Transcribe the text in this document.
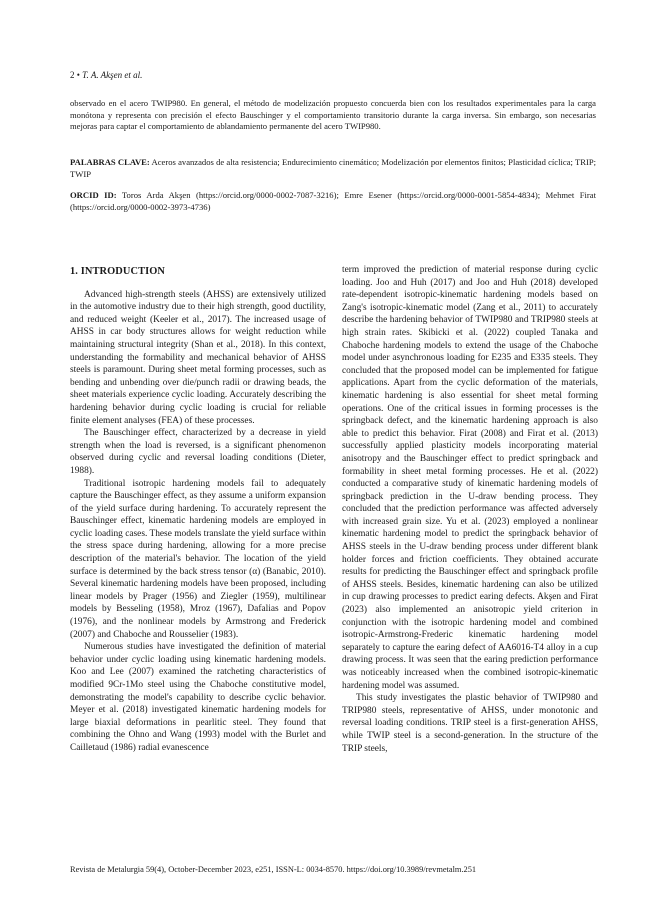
2 • T. A. Akşen et al.

observado en el acero TWIP980. En general, el método de modelización propuesto concuerda bien con los resultados experimentales para la carga monótona y representa con precisión el efecto Bauschinger y el comportamiento transitorio durante la carga inversa. Sin embargo, son necesarias mejoras para captar el comportamiento de ablandamiento permanente del acero TWIP980.

PALABRAS CLAVE: Aceros avanzados de alta resistencia; Endurecimiento cinemático; Modelización por elementos finitos; Plasticidad cíclica; TRIP; TWIP

ORCID ID: Toros Arda Akşen (https://orcid.org/0000-0002-7087-3216); Emre Esener (https://orcid.org/0000-0001-5854-4834); Mehmet Firat (https://orcid.org/0000-0002-3973-4736)

1. INTRODUCTION

Advanced high-strength steels (AHSS) are extensively utilized in the automotive industry due to their high strength, good ductility, and reduced weight (Keeler et al., 2017). The increased usage of AHSS in car body structures allows for weight reduction while maintaining structural integrity (Shan et al., 2018). In this context, understanding the formability and mechanical behavior of AHSS steels is paramount. During sheet metal forming processes, such as bending and unbending over die/punch radii or drawing beads, the sheet materials experience cyclic loading. Accurately describing the hardening behavior during cyclic loading is crucial for reliable finite element analyses (FEA) of these processes.

The Bauschinger effect, characterized by a decrease in yield strength when the load is reversed, is a significant phenomenon observed during cyclic and reversal loading conditions (Dieter, 1988).

Traditional isotropic hardening models fail to adequately capture the Bauschinger effect, as they assume a uniform expansion of the yield surface during hardening. To accurately represent the Bauschinger effect, kinematic hardening models are employed in cyclic loading cases. These models translate the yield surface within the stress space during hardening, allowing for a more precise description of the material's behavior. The location of the yield surface is determined by the back stress tensor (α) (Banabic, 2010). Several kinematic hardening models have been proposed, including linear models by Prager (1956) and Ziegler (1959), multilinear models by Besseling (1958), Mroz (1967), Dafalias and Popov (1976), and the nonlinear models by Armstrong and Frederick (2007) and Chaboche and Rousselier (1983).

Numerous studies have investigated the definition of material behavior under cyclic loading using kinematic hardening models. Koo and Lee (2007) examined the ratcheting characteristics of modified 9Cr-1Mo steel using the Chaboche constitutive model, demonstrating the model's capability to describe cyclic behavior. Meyer et al. (2018) investigated kinematic hardening models for large biaxial deformations in pearlitic steel. They found that combining the Ohno and Wang (1993) model with the Burlet and Cailletaud (1986) radial evanescence

term improved the prediction of material response during cyclic loading. Joo and Huh (2017) and Joo and Huh (2018) developed rate-dependent isotropic-kinematic hardening models based on Zang's isotropic-kinematic model (Zang et al., 2011) to accurately describe the hardening behavior of TWIP980 and TRIP980 steels at high strain rates. Skibicki et al. (2022) coupled Tanaka and Chaboche hardening models to extend the usage of the Chaboche model under asynchronous loading for E235 and E335 steels. They concluded that the proposed model can be implemented for fatigue applications. Apart from the cyclic deformation of the materials, kinematic hardening is also essential for sheet metal forming operations. One of the critical issues in forming processes is the springback defect, and the kinematic hardening approach is also able to predict this behavior. Firat (2008) and Firat et al. (2013) successfully applied plasticity models incorporating material anisotropy and the Bauschinger effect to predict springback and formability in sheet metal forming processes. He et al. (2022) conducted a comparative study of kinematic hardening models of springback prediction in the U-draw bending process. They concluded that the prediction performance was affected adversely with increased grain size. Yu et al. (2023) employed a nonlinear kinematic hardening model to predict the springback behavior of AHSS steels in the U-draw bending process under different blank holder forces and friction coefficients. They obtained accurate results for predicting the Bauschinger effect and springback profile of AHSS steels. Besides, kinematic hardening can also be utilized in cup drawing processes to predict earing defects. Akşen and Firat (2023) also implemented an anisotropic yield criterion in conjunction with the isotropic hardening model and combined isotropic-Armstrong-Frederic kinematic hardening model separately to capture the earing defect of AA6016-T4 alloy in a cup drawing process. It was seen that the earing prediction performance was noticeably increased when the combined isotropic-kinematic hardening model was assumed.

This study investigates the plastic behavior of TWIP980 and TRIP980 steels, representative of AHSS, under monotonic and reversal loading conditions. TRIP steel is a first-generation AHSS, while TWIP steel is a second-generation. In the structure of the TRIP steels,

Revista de Metalurgia 59(4), October-December 2023, e251, ISSN-L: 0034-8570. https://doi.org/10.3989/revmetalm.251
